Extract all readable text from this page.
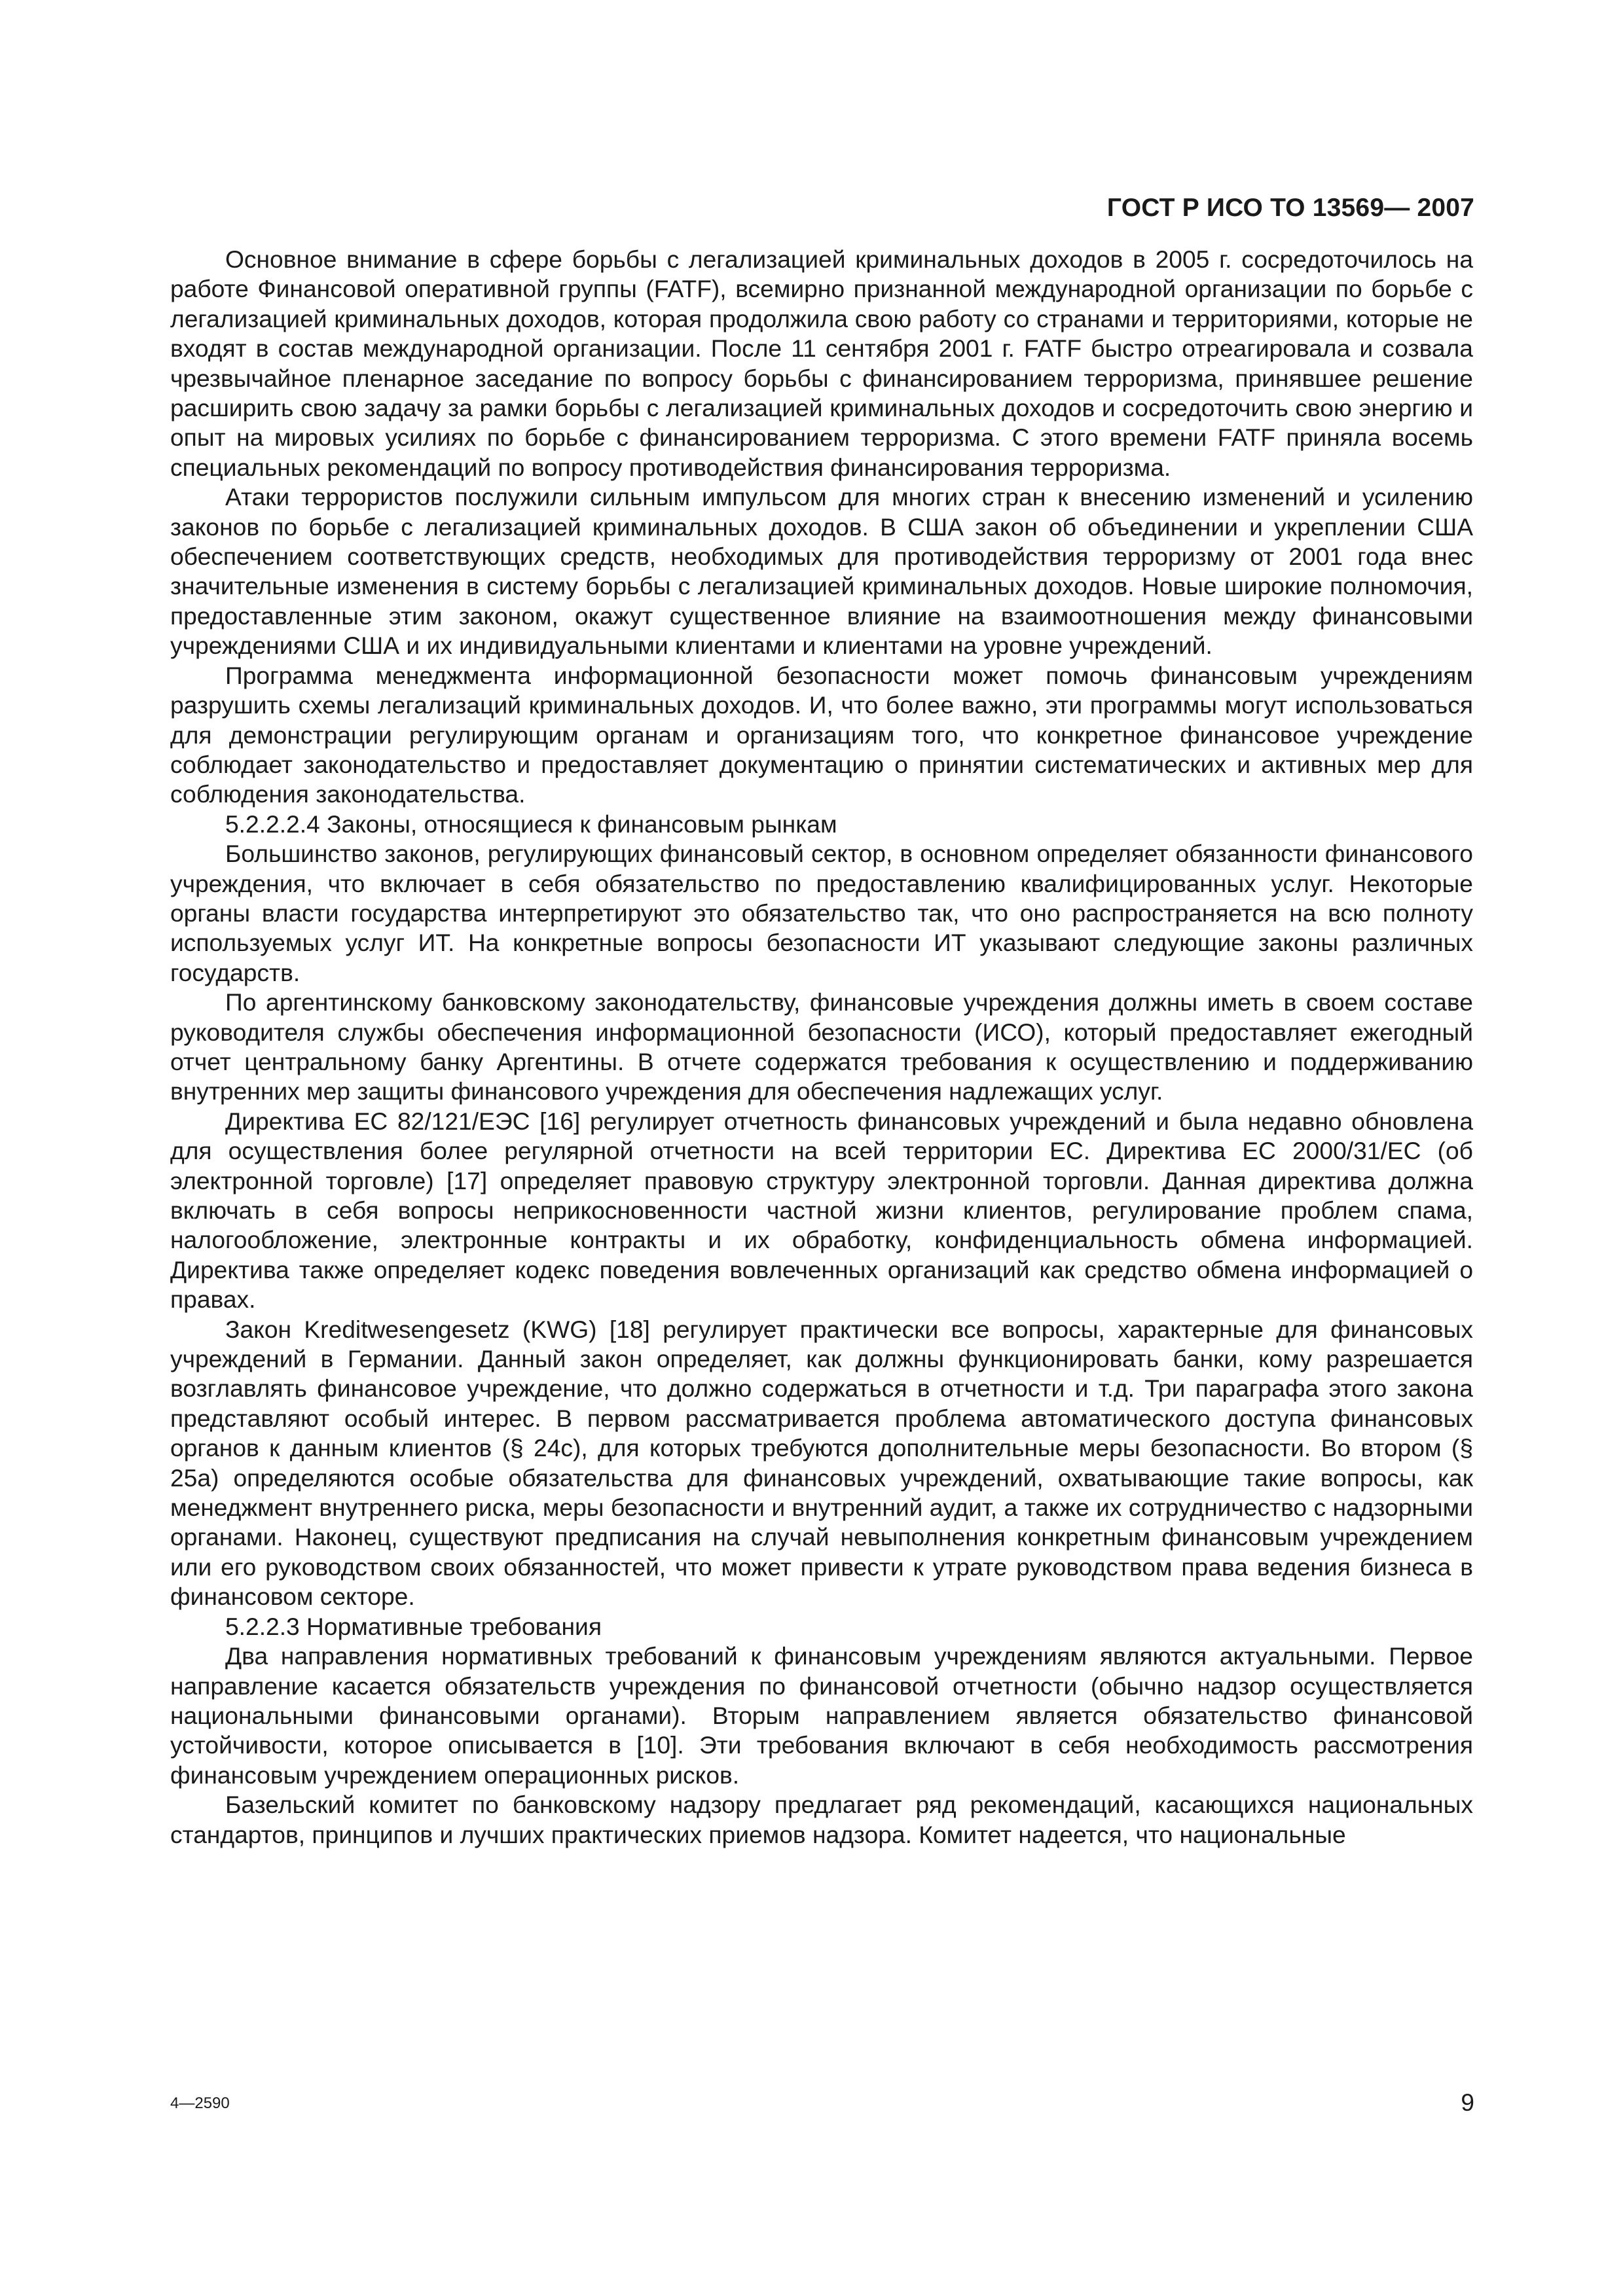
ГОСТ Р ИСО ТО 13569— 2007

Основное внимание в сфере борьбы с легализацией криминальных доходов в 2005 г. сосредоточилось на работе Финансовой оперативной группы (FATF), всемирно признанной международной организации по борьбе с легализацией криминальных доходов, которая продолжила свою работу со странами и территориями, которые не входят в состав международной организации. После 11 сентября 2001 г. FATF быстро отреагировала и созвала чрезвычайное пленарное заседание по вопросу борьбы с финансированием терроризма, принявшее решение расширить свою задачу за рамки борьбы с легализацией криминальных доходов и сосредоточить свою энергию и опыт на мировых усилиях по борьбе с финансированием терроризма. С этого времени FATF приняла восемь специальных рекомендаций по вопросу противодействия финансирования терроризма.

Атаки террористов послужили сильным импульсом для многих стран к внесению изменений и усилению законов по борьбе с легализацией криминальных доходов. В США закон об объединении и укреплении США обеспечением соответствующих средств, необходимых для противодействия терроризму от 2001 года внес значительные изменения в систему борьбы с легализацией криминальных доходов. Новые широкие полномочия, предоставленные этим законом, окажут существенное влияние на взаимоотношения между финансовыми учреждениями США и их индивидуальными клиентами и клиентами на уровне учреждений.

Программа менеджмента информационной безопасности может помочь финансовым учреждениям разрушить схемы легализаций криминальных доходов. И, что более важно, эти программы могут использоваться для демонстрации регулирующим органам и организациям того, что конкретное финансовое учреждение соблюдает законодательство и предоставляет документацию о принятии систематических и активных мер для соблюдения законодательства.

5.2.2.2.4 Законы, относящиеся к финансовым рынкам

Большинство законов, регулирующих финансовый сектор, в основном определяет обязанности финансового учреждения, что включает в себя обязательство по предоставлению квалифицированных услуг. Некоторые органы власти государства интерпретируют это обязательство так, что оно распространяется на всю полноту используемых услуг ИТ. На конкретные вопросы безопасности ИТ указывают следующие законы различных государств.

По аргентинскому банковскому законодательству, финансовые учреждения должны иметь в своем составе руководителя службы обеспечения информационной безопасности (ИСО), который предоставляет ежегодный отчет центральному банку Аргентины. В отчете содержатся требования к осуществлению и поддерживанию внутренних мер защиты финансового учреждения для обеспечения надлежащих услуг.

Директива ЕС 82/121/ЕЭС [16] регулирует отчетность финансовых учреждений и была недавно обновлена для осуществления более регулярной отчетности на всей территории ЕС. Директива ЕС 2000/31/ЕС (об электронной торговле) [17] определяет правовую структуру электронной торговли. Данная директива должна включать в себя вопросы неприкосновенности частной жизни клиентов, регулирование проблем спама, налогообложение, электронные контракты и их обработку, конфиденциальность обмена информацией. Директива также определяет кодекс поведения вовлеченных организаций как средство обмена информацией о правах.

Закон Kreditwesengesetz (KWG) [18] регулирует практически все вопросы, характерные для финансовых учреждений в Германии. Данный закон определяет, как должны функционировать банки, кому разрешается возглавлять финансовое учреждение, что должно содержаться в отчетности и т.д. Три параграфа этого закона представляют особый интерес. В первом рассматривается проблема автоматического доступа финансовых органов к данным клиентов (§ 24с), для которых требуются дополнительные меры безопасности. Во втором (§ 25а) определяются особые обязательства для финансовых учреждений, охватывающие такие вопросы, как менеджмент внутреннего риска, меры безопасности и внутренний аудит, а также их сотрудничество с надзорными органами. Наконец, существуют предписания на случай невыполнения конкретным финансовым учреждением или его руководством своих обязанностей, что может привести к утрате руководством права ведения бизнеса в финансовом секторе.

5.2.2.3 Нормативные требования

Два направления нормативных требований к финансовым учреждениям являются актуальными. Первое направление касается обязательств учреждения по финансовой отчетности (обычно надзор осуществляется национальными финансовыми органами). Вторым направлением является обязательство финансовой устойчивости, которое описывается в [10]. Эти требования включают в себя необходимость рассмотрения финансовым учреждением операционных рисков.

Базельский комитет по банковскому надзору предлагает ряд рекомендаций, касающихся национальных стандартов, принципов и лучших практических приемов надзора. Комитет надеется, что национальные

4—2590	9
